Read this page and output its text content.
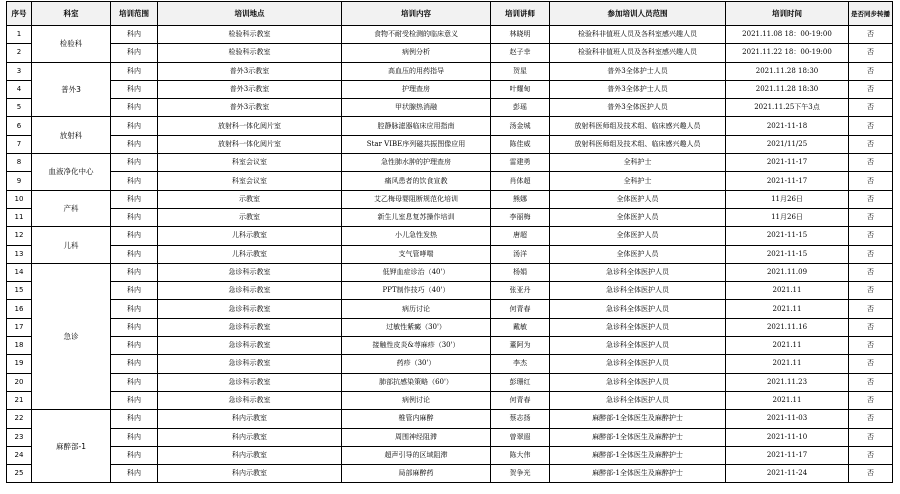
序号	科室	培训范围	培训地点	培训内容	培训讲师	参加培训人员范围	培训时间	是否同步转播
1	检验科	科内	检验科示教室	食物不耐受检测的临床意义	林晓明	检验科非值班人员及各科室感兴趣人员	2021.11.08 18：00-19:00	否
2		科内	检验科示教室	病例分析	赵子幸	检验科非值班人员及各科室感兴趣人员	2021.11.22 18：00-19:00	否
3	普外3	科内	普外3示教室	高血压的用药指导	贺星	普外3全体护士人员	2021.11.28 18:30	否
4		科内	普外3示教室	护理查房	叶耀甸	普外3全体护士人员	2021.11.28 18:30	否
5		科内	普外3示教室	甲状腺热消融	彭瑶	普外3全体医护人员	2021.11.25下午3点	否
6	放射科	科内	放射科一体化阅片室	腔静脉滤器临床应用指南	汤金城	放射科医师组及技术组、临床感兴趣人员	2021-11-18	否
7		科内	放射科一体化阅片室	Star VIBE序列磁共振图像应用	陈佳威	放射科医师组及技术组、临床感兴趣人员	2021/11/25	否
8	血液净化中心	科内	科室会议室	急性肺水肿的护理查房	雷建勇	全科护士	2021-11-17	否
9		科内	科室会议室	痛风患者的饮食宣教	肖体超	全科护士	2021-11-17	否
10	产科	科内	示教室	艾乙梅母婴阻断规范化培训	熊娜	全体医护人员	11月26日	否
11		科内	示教室	新生儿室息复苏操作培训	李丽梅	全体医护人员	11月26日	否
12	儿科	科内	儿科示教室	小儿急性发热	唐超	全体医护人员	2021-11-15	否
13		科内	儿科示教室	支气管哮喘	汤洋	全体医护人员	2021-11-15	否
14	急诊	科内	急诊科示教室	低钾血症诊治（40'）	杨娟	急诊科全体医护人员	2021.11.09	否
15		科内	急诊科示教室	PPT制作技巧（40'）	张亚丹	急诊科全体医护人员	2021.11	否
16		科内	急诊科示教室	病历讨论	何青春	急诊科全体医护人员	2021.11	否
17		科内	急诊科示教室	过敏性紫癜（30'）	戴敏	急诊科全体医护人员	2021.11.16	否
18		科内	急诊科示教室	接触性皮炎&荨麻疹（30'）	董阿为	急诊科全体医护人员	2021.11	否
19		科内	急诊科示教室	药疹（30'）	李杰	急诊科全体医护人员	2021.11	否
20		科内	急诊科示教室	肺部抗感染策略（60'）	彭珊红	急诊科全体医护人员	2021.11.23	否
21		科内	急诊科示教室	病例讨论	何青春	急诊科全体医护人员	2021.11	否
22	麻醉部-1	科内	科内示教室	椎管内麻醉	蔡志扬	麻醉部-1全体医生及麻醉护士	2021-11-03	否
23		科内	科内示教室	周围神经阻滞	曾翠遐	麻醉部-1全体医生及麻醉护士	2021-11-10	否
24		科内	科内示教室	超声引导的区域阻滞	陈大伟	麻醉部-1全体医生及麻醉护士	2021-11-17	否
25		科内	科内示教室	局部麻醉药	贺争光	麻醉部-1全体医生及麻醉护士	2021-11-24	否
